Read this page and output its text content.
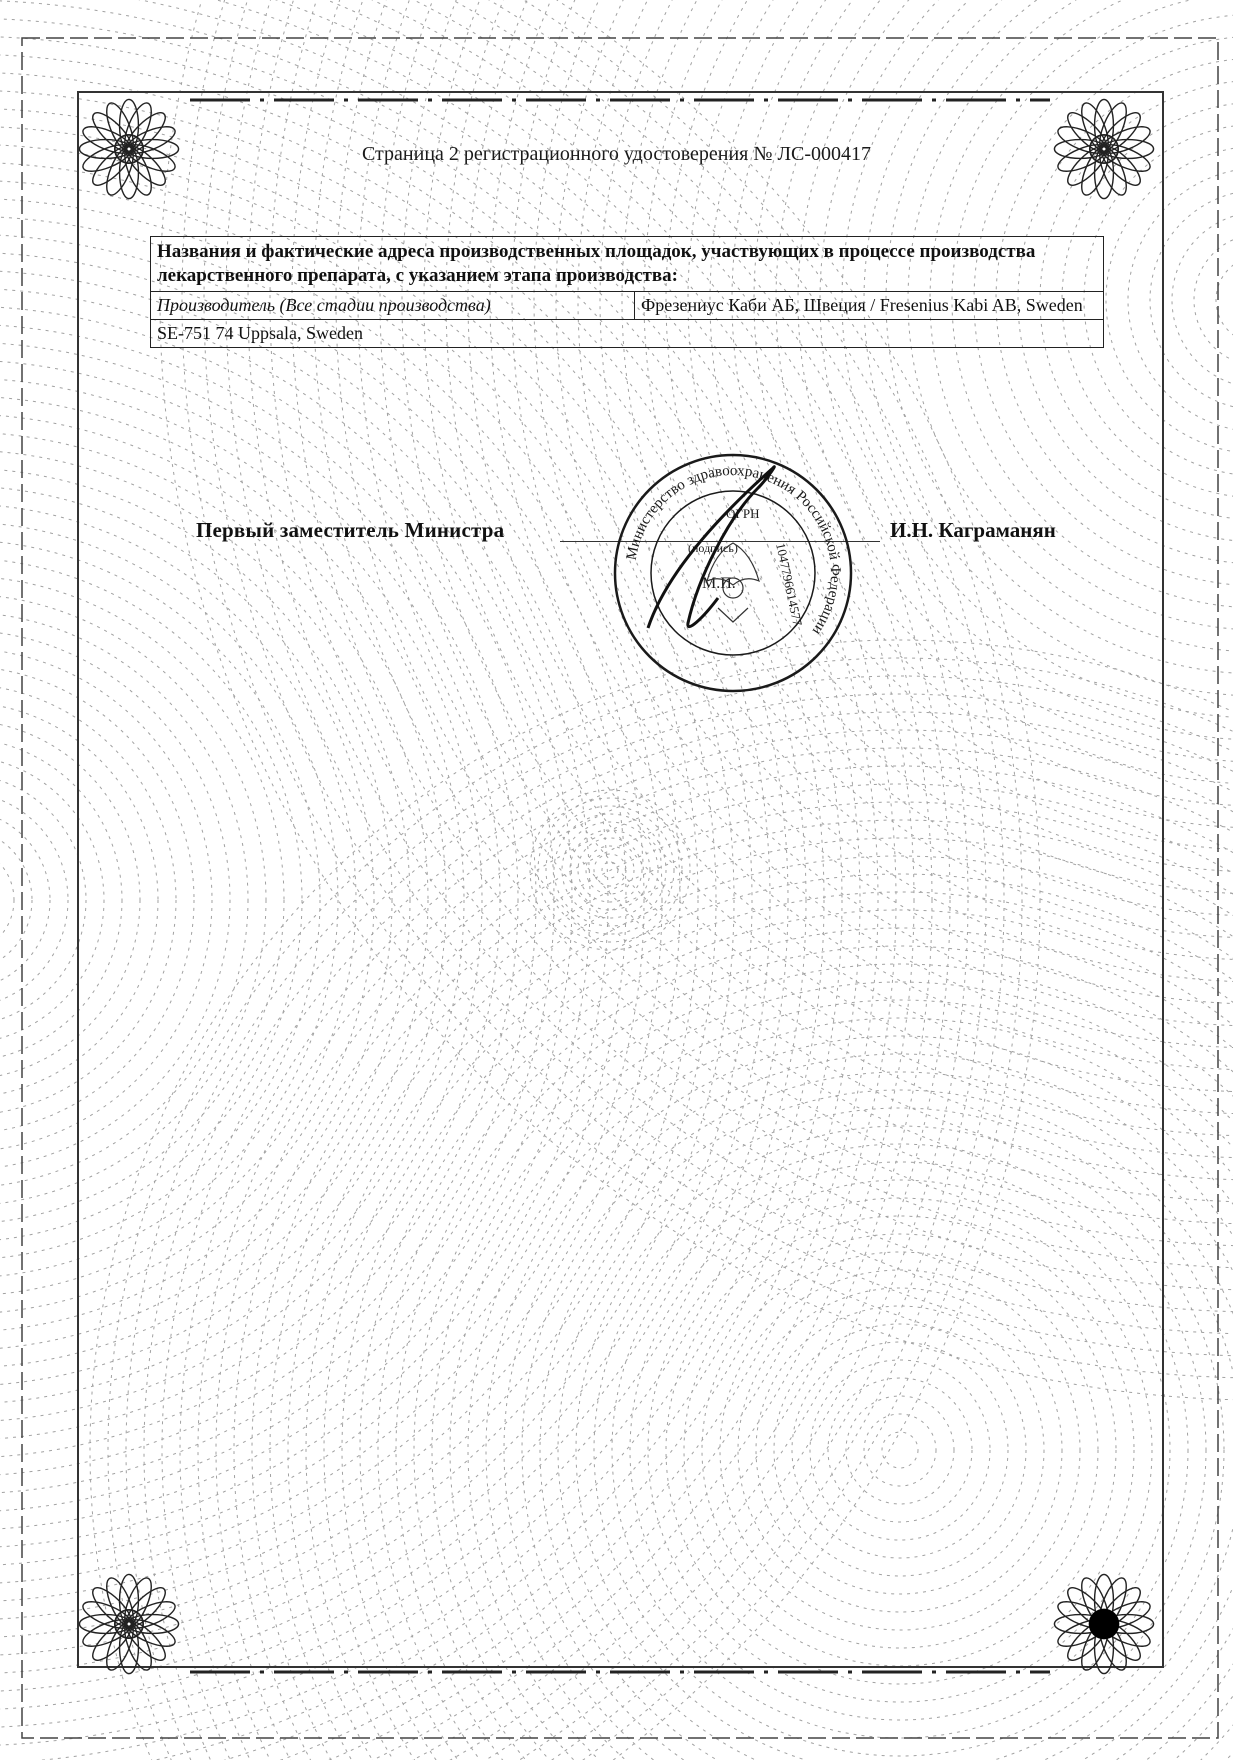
Страница 2 регистрационного удостоверения № ЛС-000417
Названия и фактические адреса производственных площадок, участвующих в процессе производства лекарственного препарата, с указанием этапа производства:
Производитель (Все стадии производства)	Фрезениус Каби АБ, Швеция / Fresenius Kabi AB, Sweden
SE-751 74 Uppsala, Sweden
Первый заместитель Министра	И.Н. Каграманян
Министерство здравоохранения Российской Федерации
ОГРН
1047796614577
(подпись)
М.П.
